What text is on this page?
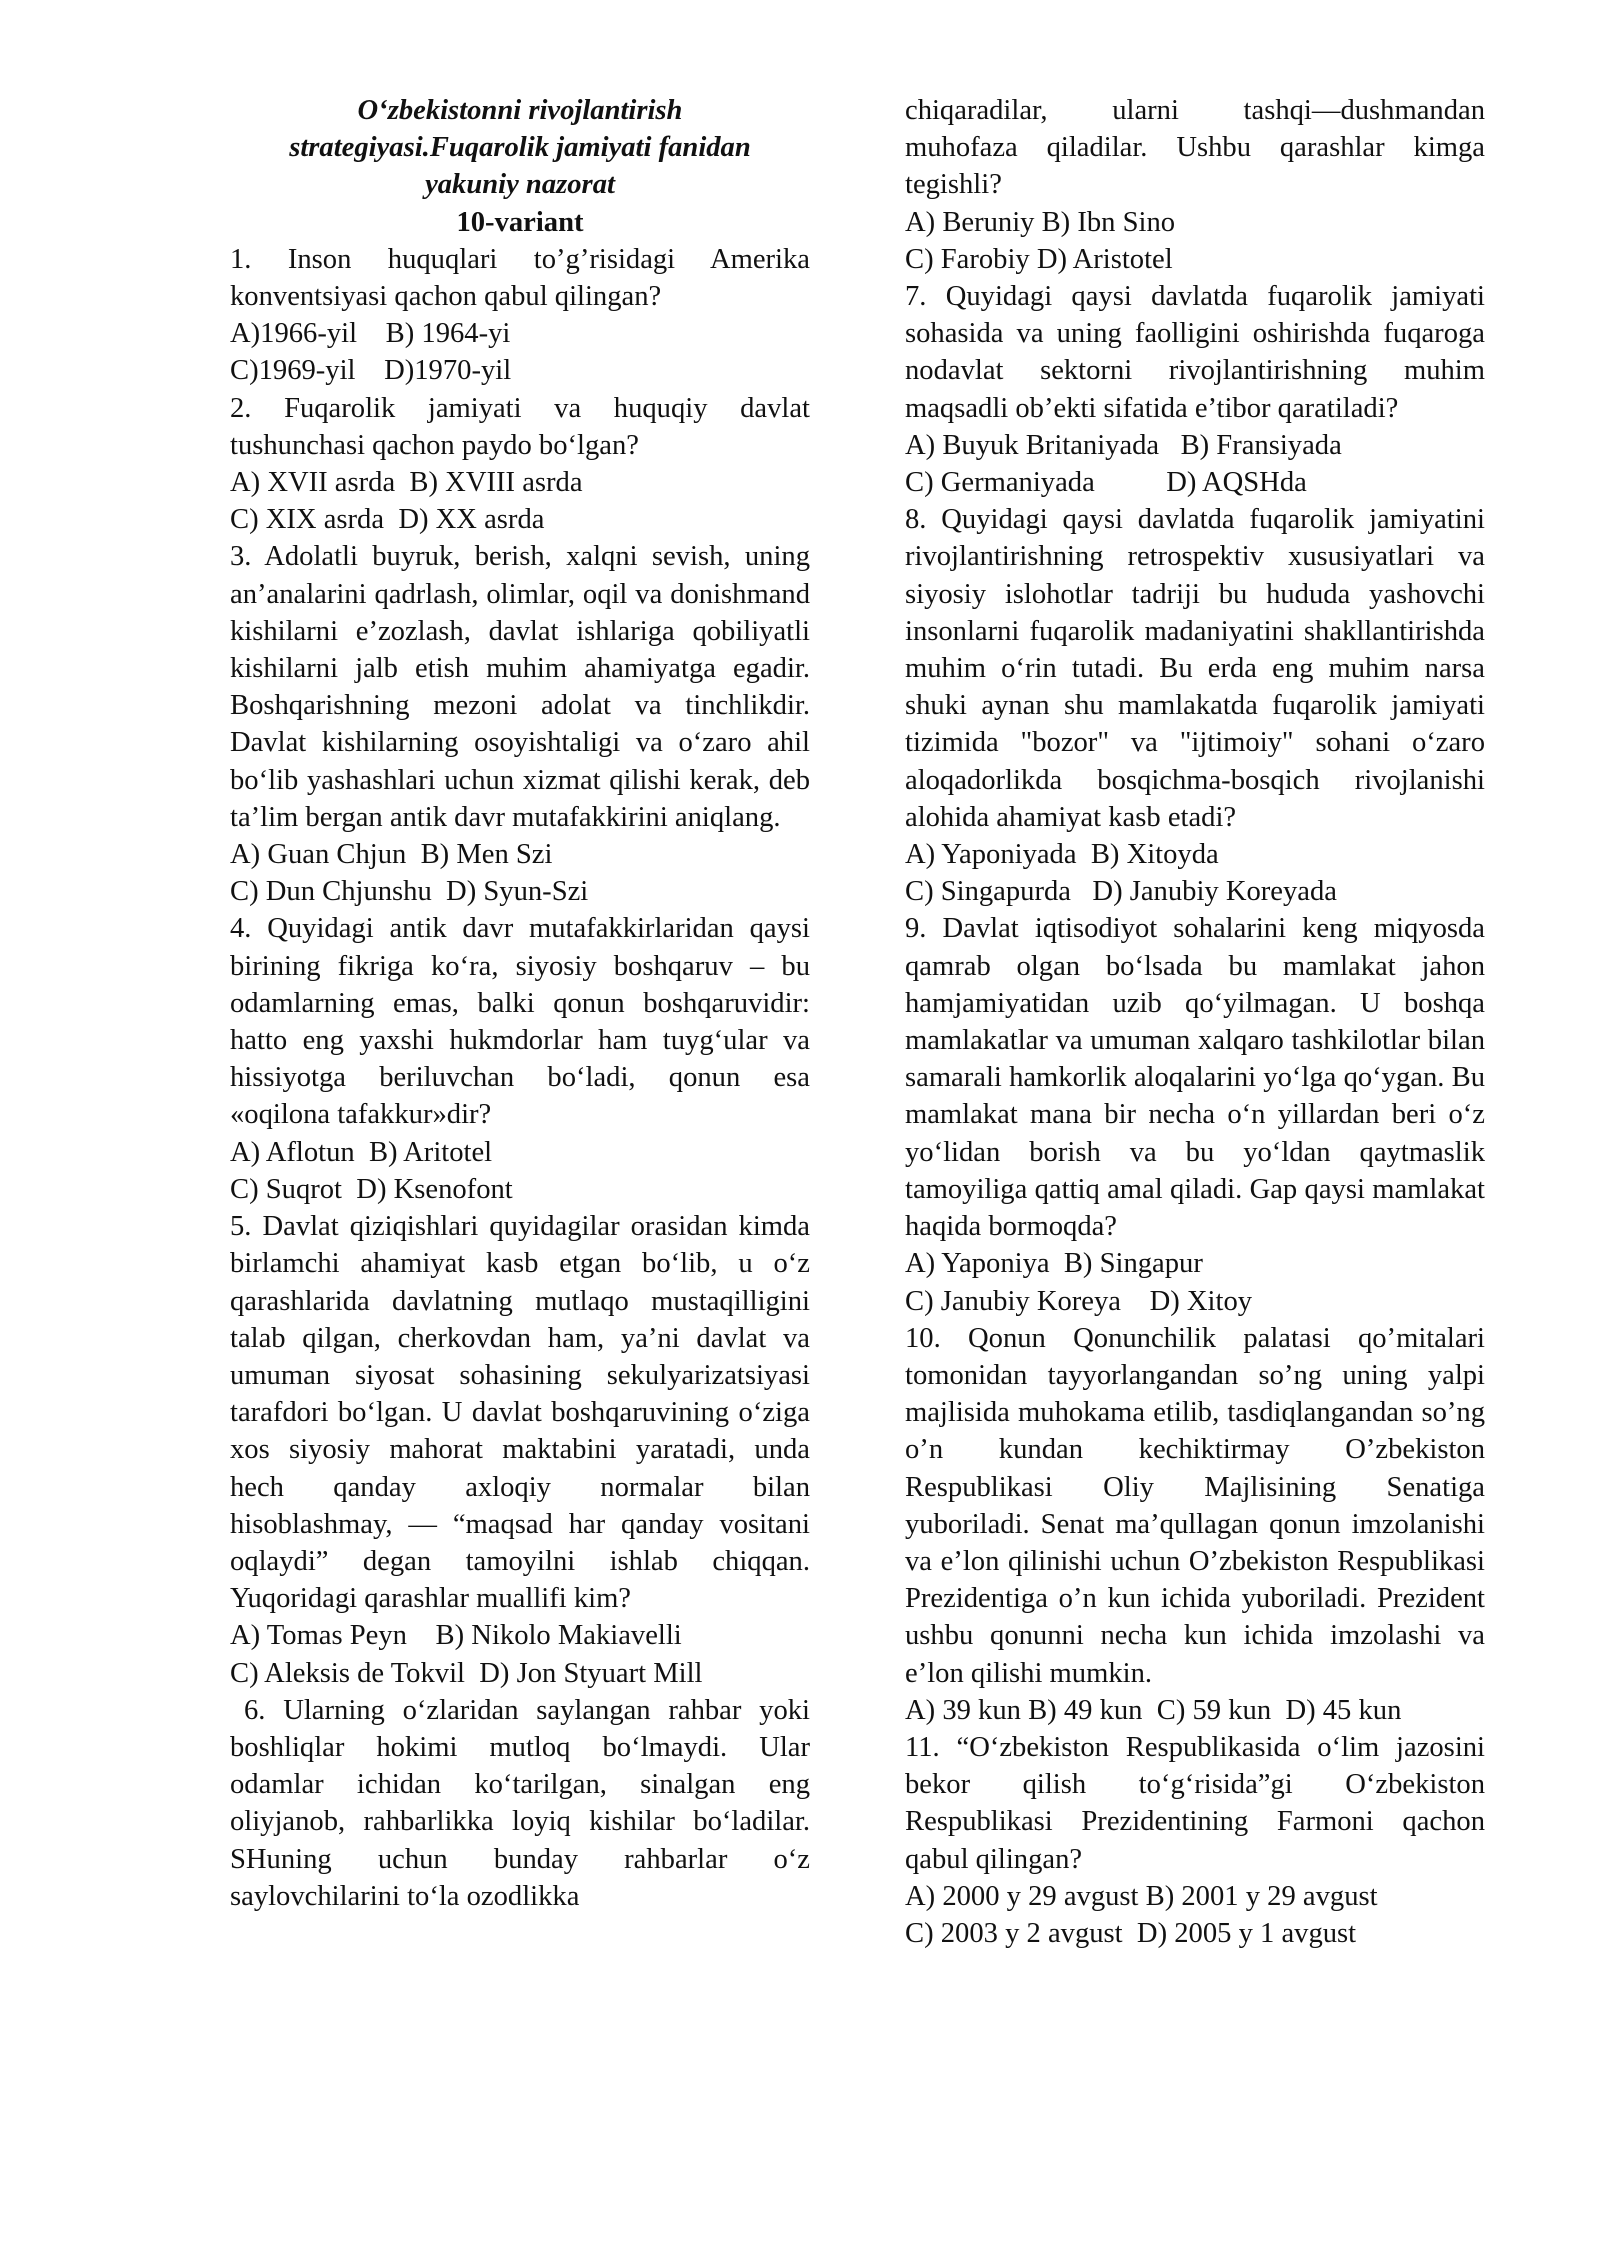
O‘zbekistonni rivojlantirish
strategiyasi.Fuqarolik jamiyati fanidan
yakuniy nazorat
10-variant

1. Inson huquqlari to’g’risidagi Amerika konventsiyasi qachon qabul qilingan?

A)1966-yil    B) 1964-yi

C)1969-yil    D)1970-yil

2. Fuqarolik jamiyati va huquqiy davlat tushunchasi qachon paydo bo‘lgan?

A) XVII asrda  B) XVIII asrda

C) XIX asrda  D) XX asrda

3. Adolatli buyruk, berish, xalqni sevish, uning an’analarini qadrlash, olimlar, oqil va donishmand kishilarni e’zozlash, davlat ishlariga qobiliyatli kishilarni jalb etish muhim ahamiyatga egadir. Boshqarishning mezoni adolat va tinchlikdir. Davlat kishilarning osoyishtaligi va o‘zaro ahil bo‘lib yashashlari uchun xizmat qilishi kerak, deb ta’lim bergan antik davr mutafakkirini aniqlang.

A) Guan Chjun  B) Men Szi

C) Dun Chjunshu  D) Syun-Szi

4. Quyidagi antik davr mutafakkirlaridan qaysi birining fikriga ko‘ra, siyosiy boshqaruv – bu odamlarning emas, balki qonun boshqaruvidir: hatto eng yaxshi hukmdorlar ham tuyg‘ular va hissiyotga beriluvchan bo‘ladi, qonun esa «oqilona tafakkur»dir?

A) Aflotun  B) Aritotel

C) Suqrot  D) Ksenofont

5. Davlat qiziqishlari quyidagilar orasidan kimda birlamchi ahamiyat kasb etgan bo‘lib, u o‘z qarashlarida davlatning mutlaqo mustaqilligini talab qilgan, cherkovdan ham, ya’ni davlat va umuman siyosat sohasining sekulyarizatsiyasi tarafdori bo‘lgan. U davlat boshqaruvining o‘ziga xos siyosiy mahorat maktabini yaratadi, unda hech qanday axloqiy normalar bilan hisoblashmay, — “maqsad har qanday vositani oqlaydi” degan tamoyilni ishlab chiqqan. Yuqoridagi qarashlar muallifi kim?

A) Tomas Peyn    B) Nikolo Makiavelli

C) Aleksis de Tokvil  D) Jon Styuart Mill

6. Ularning o‘zlaridan saylangan rahbar yoki boshliqlar hokimi mutloq bo‘lmaydi. Ular odamlar ichidan ko‘tarilgan, sinalgan eng oliyjanob, rahbarlikka loyiq kishilar bo‘ladilar. SHuning uchun bunday rahbarlar o‘z saylovchilarini to‘la ozodlikka

chiqaradilar, ularni tashqi—dushmandan muhofaza qiladilar. Ushbu qarashlar kimga tegishli?

A) Beruniy B) Ibn Sino

C) Farobiy D) Aristotel

7. Quyidagi qaysi davlatda fuqarolik jamiyati sohasida va uning faolligini oshirishda fuqaroga nodavlat sektorni rivojlantirishning muhim maqsadli ob’ekti sifatida e’tibor qaratiladi?

A) Buyuk Britaniyada   B) Fransiyada

C) Germaniyada          D) AQSHda

8. Quyidagi qaysi davlatda fuqarolik jamiyatini rivojlantirishning retrospektiv xususiyatlari va siyosiy islohotlar tadriji bu hududa yashovchi insonlarni fuqarolik madaniyatini shakllantirishda muhim o‘rin tutadi. Bu erda eng muhim narsa shuki aynan shu mamlakatda fuqarolik jamiyati tizimida "bozor" va "ijtimoiy" sohani o‘zaro aloqadorlikda bosqichma-bosqich rivojlanishi alohida ahamiyat kasb etadi?

A) Yaponiyada  B) Xitoyda

C) Singapurda   D) Janubiy Koreyada

9. Davlat iqtisodiyot sohalarini keng miqyosda qamrab olgan bo‘lsada bu mamlakat jahon hamjamiyatidan uzib qo‘yilmagan. U boshqa mamlakatlar va umuman xalqaro tashkilotlar bilan samarali hamkorlik aloqalarini yo‘lga qo‘ygan. Bu mamlakat mana bir necha o‘n yillardan beri o‘z yo‘lidan borish va bu yo‘ldan qaytmaslik tamoyiliga qattiq amal qiladi. Gap qaysi mamlakat haqida bormoqda?

A) Yaponiya  B) Singapur

C) Janubiy Koreya    D) Xitoy

10. Qonun Qonunchilik palatasi qo’mitalari tomonidan tayyorlangandan so’ng uning yalpi majlisida muhokama etilib, tasdiqlangandan so’ng o’n kundan kechiktirmay O’zbekiston Respublikasi Oliy Majlisining Senatiga yuboriladi. Senat ma’qullagan qonun imzolanishi va e’lon qilinishi uchun O’zbekiston Respublikasi Prezidentiga o’n kun ichida yuboriladi. Prezident ushbu qonunni necha kun ichida imzolashi va e’lon qilishi mumkin.

A) 39 kun B) 49 kun  C) 59 kun  D) 45 kun

11. “O‘zbekiston Respublikasida o‘lim jazosini bekor qilish to‘g‘risida”gi O‘zbekiston Respublikasi Prezidentining Farmoni qachon qabul qilingan?

A) 2000 y 29 avgust B) 2001 y 29 avgust

C) 2003 y 2 avgust  D) 2005 y 1 avgust
